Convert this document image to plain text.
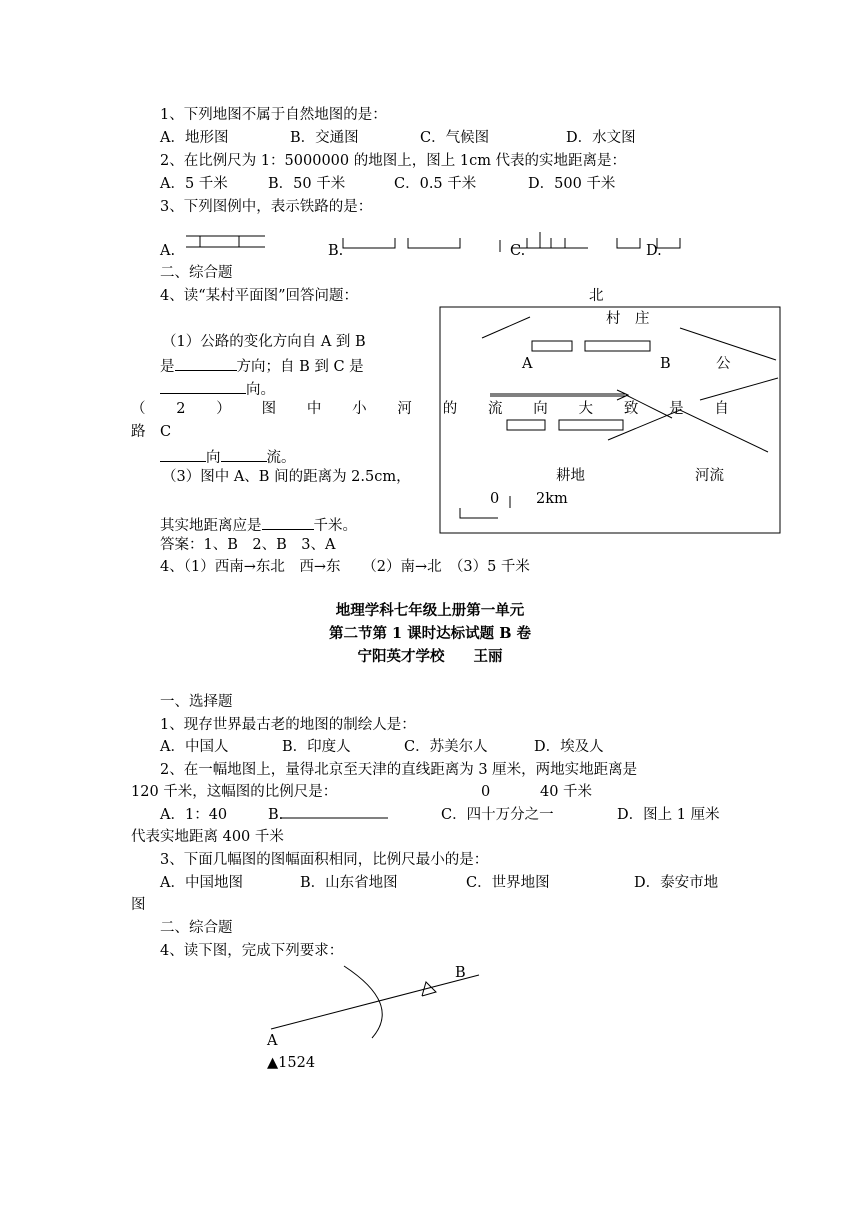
1、下列地图不属于自然地图的是：
A．地形图	B．交通图	C．气候图	D．水文图
2、在比例尺为 1：5000000 的地图上，图上 1cm 代表的实地距离是：
A．5 千米	B．50 千米	C．0.5 千米	D．500 千米
3、下列图例中，表示铁路的是：
A.	B.	C.	D.
二、综合题
4、读“某村平面图”回答问题：
（1）公路的变化方向自 A 到 B
是	方向；自 B 到 C 是
向。
（ 2 ） 图 中 小 河 的 流 向 大 致 是 自
路　C
向	流。
（3）图中 A、B 间的距离为 2.5cm，
其实地距离应是	千米。
答案：1、B　2、B　3、A
4、（1）西南→东北　西→东　　（2）南→北　（3）5 千米
北
村　庄
A	B	公
耕地	河流
0	2km
地理学科七年级上册第一单元
第二节第 1 课时达标试题 B 卷
宁阳英才学校　　王丽
一、选择题
1、现存世界最古老的地图的制绘人是：
A．中国人	B．印度人	C．苏美尔人	D．埃及人
2、在一幅地图上，量得北京至天津的直线距离为 3 厘米，两地实地距离是
120 千米，这幅图的比例尺是：	0	40 千米
A．1：40	B.	C．四十万分之一	D．图上 1 厘米
代表实地距离 400 千米
3、下面几幅图的图幅面积相同，比例尺最小的是：
A．中国地图	B．山东省地图	C．世界地图	D．泰安市地
图
二、综合题
4、读下图，完成下列要求：
B
A
▲1524
